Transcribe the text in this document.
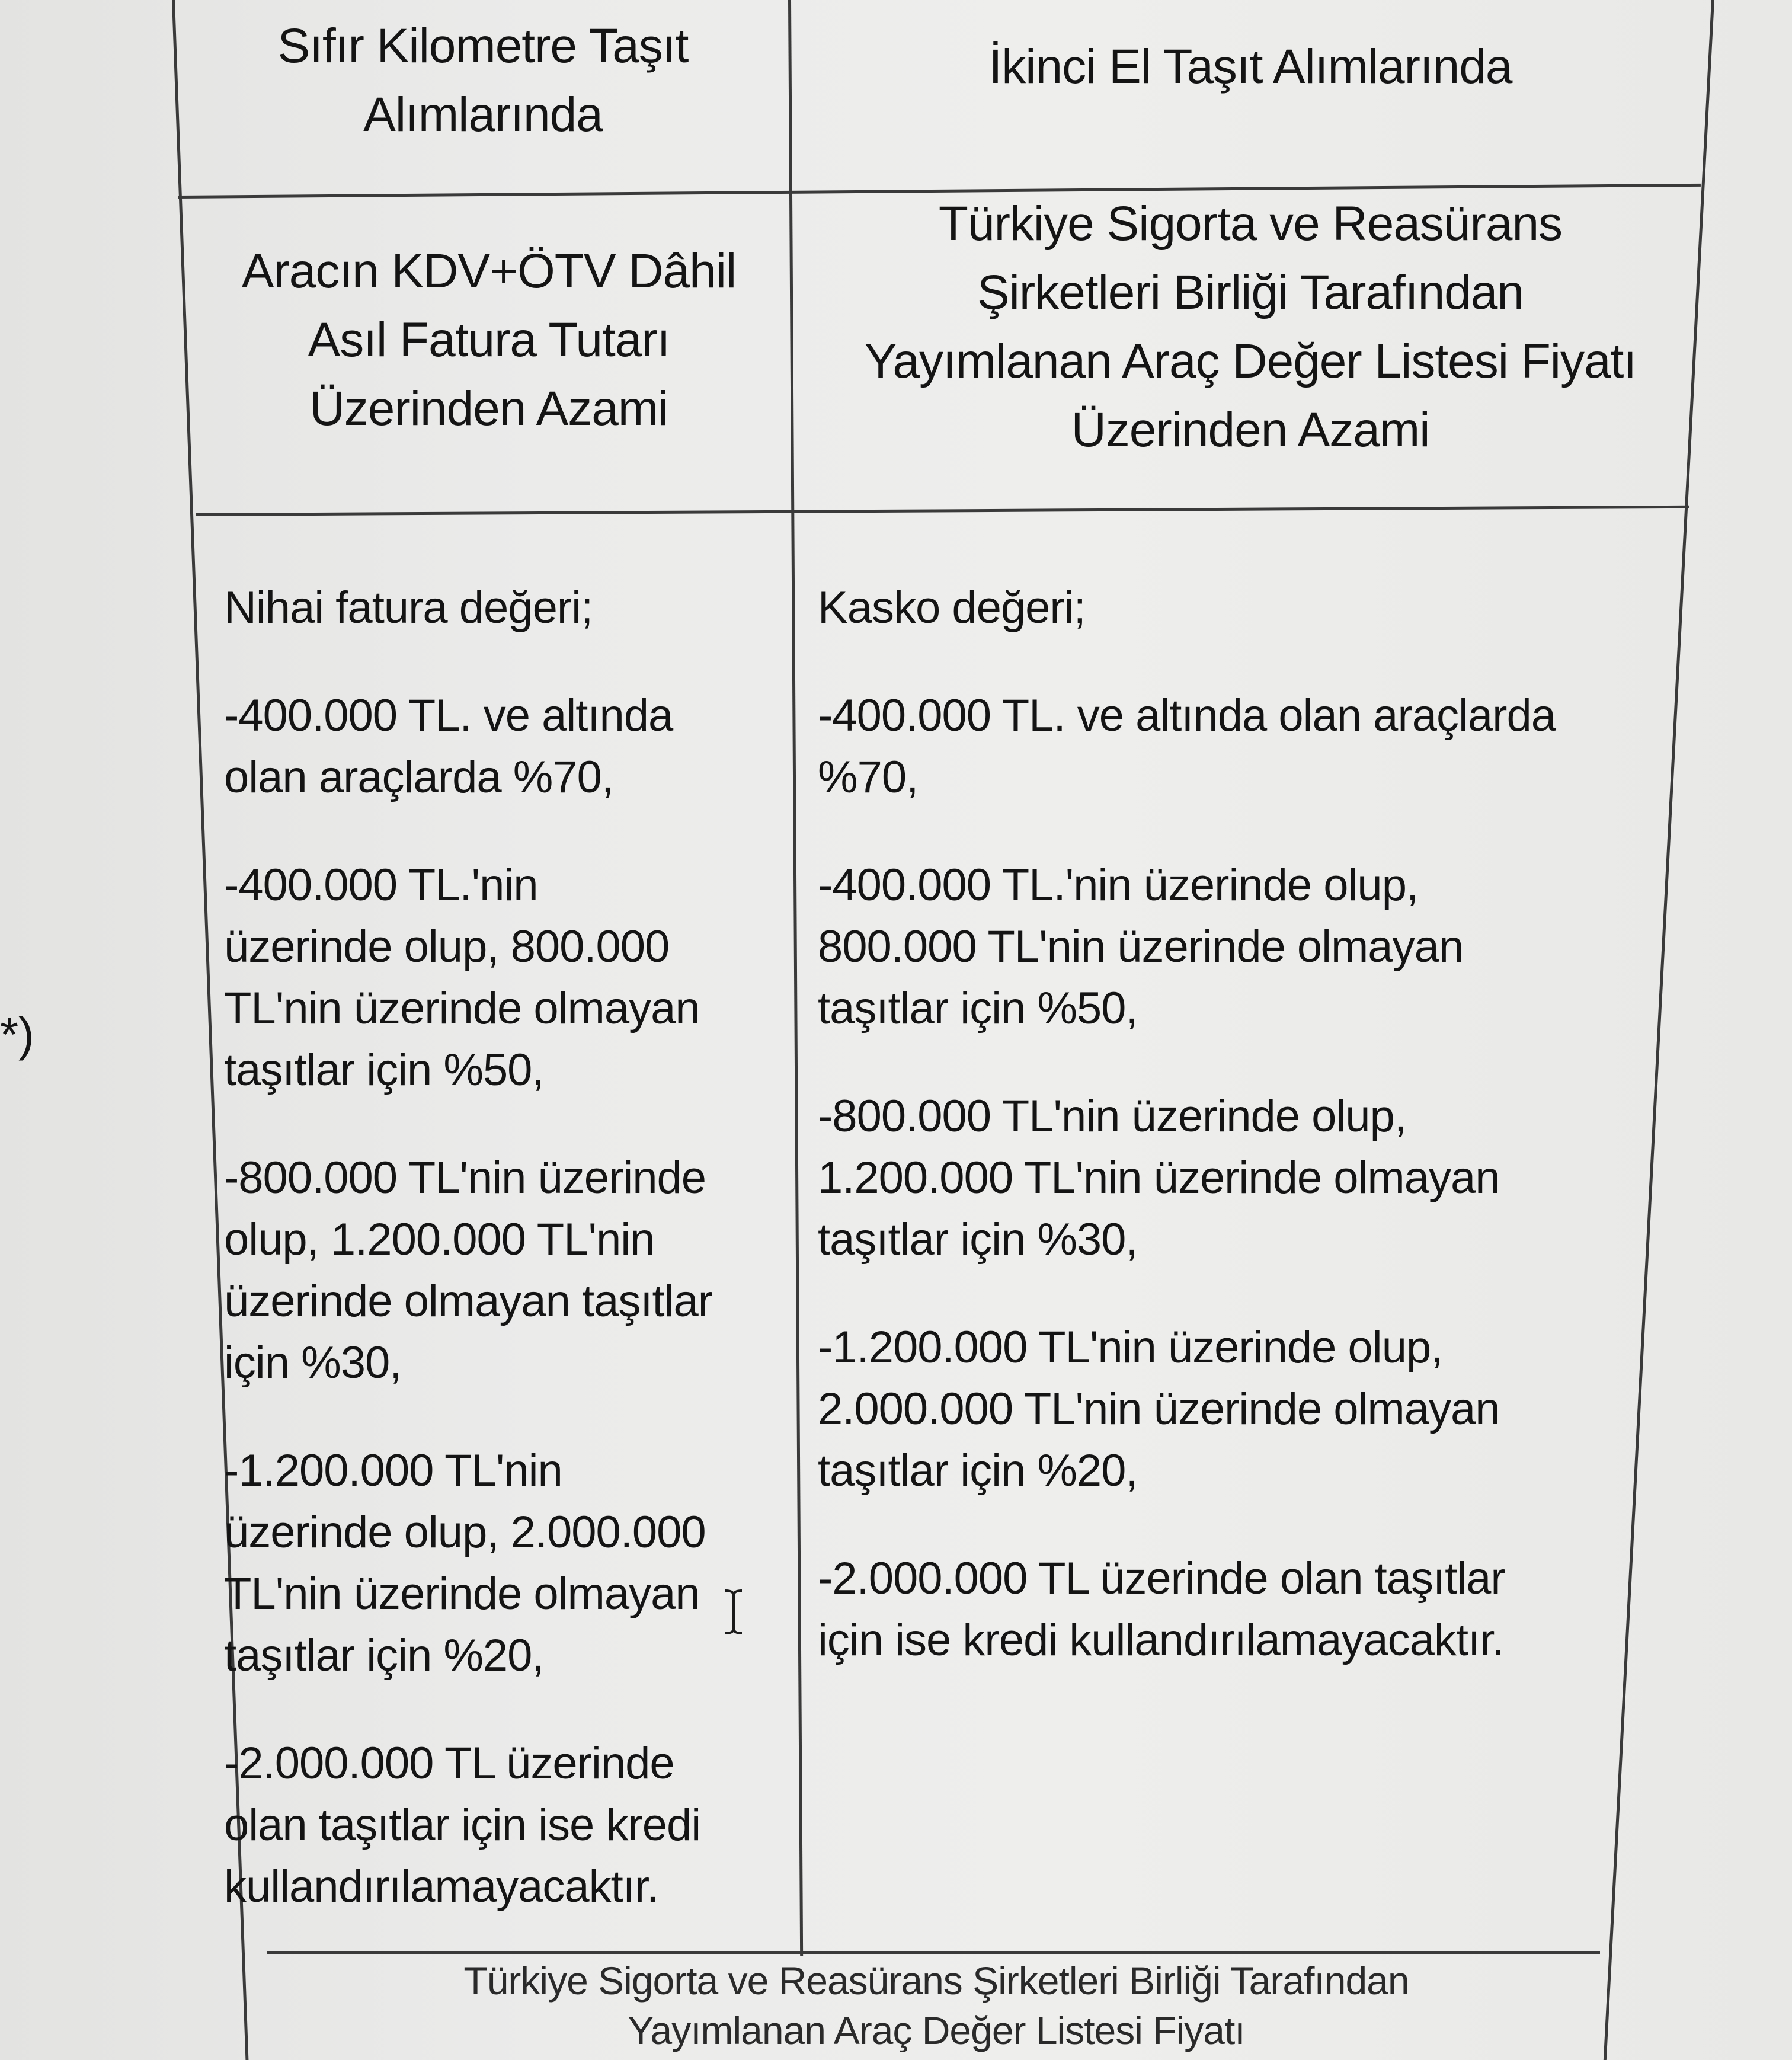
Sıfır Kilometre Taşıt
Alımlarında
İkinci El Taşıt Alımlarında
Aracın KDV+ÖTV Dâhil
Asıl Fatura Tutarı
Üzerinden Azami
Türkiye Sigorta ve Reasürans
Şirketleri Birliği Tarafından
Yayımlanan Araç Değer Listesi Fiyatı
Üzerinden Azami

Nihai fatura değeri;
-400.000 TL. ve altında
olan araçlarda %70,
-400.000 TL.'nin
üzerinde olup, 800.000
TL'nin üzerinde olmayan
taşıtlar için %50,
-800.000 TL'nin üzerinde
olup, 1.200.000 TL'nin
üzerinde olmayan taşıtlar
için %30,
-1.200.000 TL'nin
üzerinde olup, 2.000.000
TL'nin üzerinde olmayan
taşıtlar için %20,
-2.000.000 TL üzerinde
olan taşıtlar için ise kredi
kullandırılamayacaktır.

Kasko değeri;
-400.000 TL. ve altında olan araçlarda
%70,
-400.000 TL.'nin üzerinde olup,
800.000 TL'nin üzerinde olmayan
taşıtlar için %50,
-800.000 TL'nin üzerinde olup,
1.200.000 TL'nin üzerinde olmayan
taşıtlar için %30,
-1.200.000 TL'nin üzerinde olup,
2.000.000 TL'nin üzerinde olmayan
taşıtlar için %20,
-2.000.000 TL üzerinde olan taşıtlar
için ise kredi kullandırılamayacaktır.

Türkiye Sigorta ve Reasürans Şirketleri Birliği Tarafından
Yayımlanan Araç Değer Listesi Fiyatı
*)
